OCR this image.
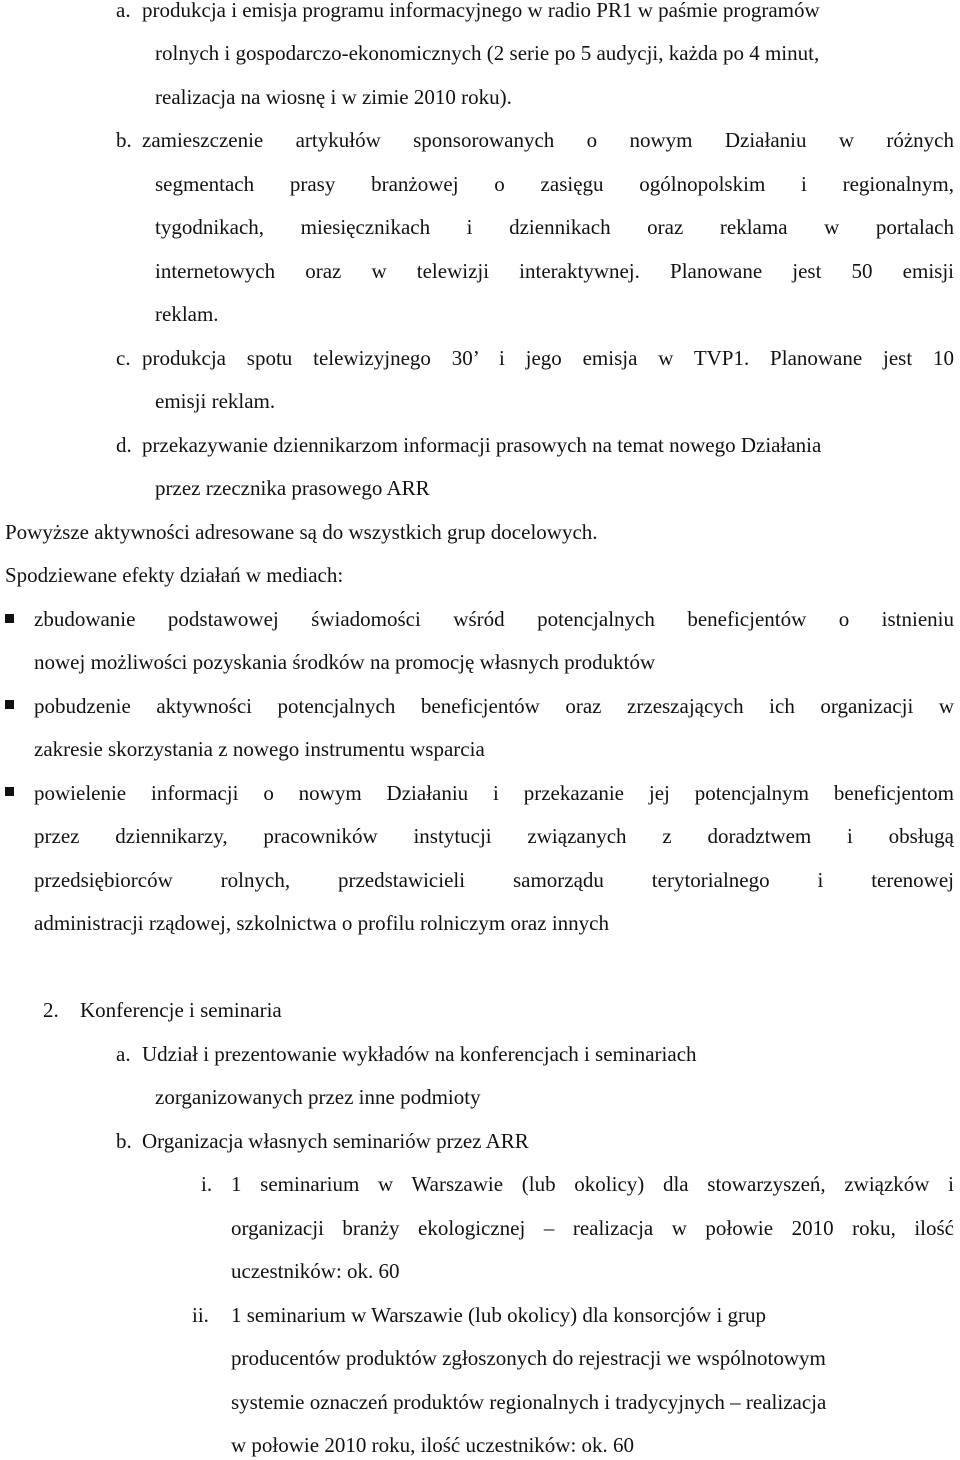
a. produkcja i emisja programu informacyjnego w radio PR1 w paśmie programów
rolnych i gospodarczo-ekonomicznych (2 serie po 5 audycji, każda po 4 minut,
realizacja na wiosnę i w zimie 2010 roku).
b. zamieszczenie artykułów sponsorowanych o nowym Działaniu w różnych
segmentach prasy branżowej o zasięgu ogólnopolskim i regionalnym,
tygodnikach, miesięcznikach i dziennikach oraz reklama w portalach
internetowych oraz w telewizji interaktywnej. Planowane jest 50 emisji
reklam.
c. produkcja spotu telewizyjnego 30’ i jego emisja w TVP1. Planowane jest 10
emisji reklam.
d. przekazywanie dziennikarzom informacji prasowych na temat nowego Działania
przez rzecznika prasowego ARR
Powyższe aktywności adresowane są do wszystkich grup docelowych.
Spodziewane efekty działań w mediach:
zbudowanie podstawowej świadomości wśród potencjalnych beneficjentów o istnieniu
nowej możliwości pozyskania środków na promocję własnych produktów
pobudzenie aktywności potencjalnych beneficjentów oraz zrzeszających ich organizacji w
zakresie skorzystania z nowego instrumentu wsparcia
powielenie informacji o nowym Działaniu i przekazanie jej potencjalnym beneficjentom
przez dziennikarzy, pracowników instytucji związanych z doradztwem i obsługą
przedsiębiorców rolnych, przedstawicieli samorządu terytorialnego i terenowej
administracji rządowej, szkolnictwa o profilu rolniczym oraz innych
2. Konferencje i seminaria
a. Udział i prezentowanie wykładów na konferencjach i seminariach
zorganizowanych przez inne podmioty
b. Organizacja własnych seminariów przez ARR
i. 1 seminarium w Warszawie (lub okolicy) dla stowarzyszeń, związków i
organizacji branży ekologicznej – realizacja w połowie 2010 roku, ilość
uczestników: ok. 60
ii. 1 seminarium w Warszawie (lub okolicy) dla konsorcjów i grup
producentów produktów zgłoszonych do rejestracji we wspólnotowym
systemie oznaczeń produktów regionalnych i tradycyjnych – realizacja
w połowie 2010 roku, ilość uczestników: ok. 60
